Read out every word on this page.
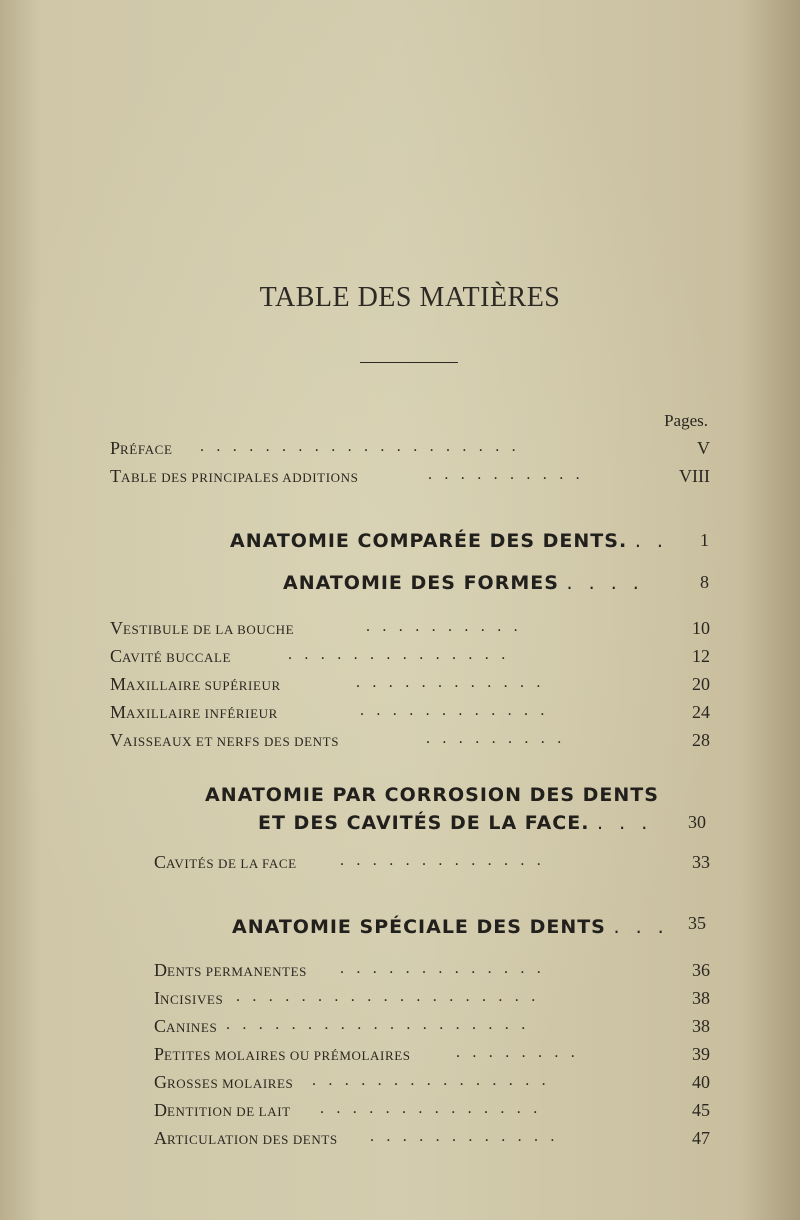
TABLE DES MATIÈRES
Pages.
PRÉFACE . . . . . . . . . . . . . . . . . . . .	V
TABLE DES PRINCIPALES ADDITIONS	. . . . . . . . . .	VIII
ANATOMIE COMPARÉE DES DENTS. . . 1
ANATOMIE DES FORMES . . . .	8
VESTIBULE DE LA BOUCHE	. . . . . . . . . .	10
CAVITÉ BUCCALE	. . . . . . . . . . . . . .	12
MAXILLAIRE SUPÉRIEUR	. . . . . . . . . . . .	20
MAXILLAIRE INFÉRIEUR	. . . . . . . . . . . .	24
VAISSEAUX ET NERFS DES DENTS	. . . . . . . . .	28
ANATOMIE PAR CORROSION DES DENTS
ET DES CAVITÉS DE LA FACE. . . . 30
CAVITÉS DE LA FACE	. . . . . . . . . . . . .	33
ANATOMIE SPÉCIALE DES DENTS . . . 35
DENTS PERMANENTES . . . . . . . . . . . . .	36
INCISIVES . . . . . . . . . . . . . . . . . . .	38
CANINES . . . . . . . . . . . . . . . . . . .	38
PETITES MOLAIRES OU PRÉMOLAIRES	. . . . . . . .	39
GROSSES MOLAIRES . . . . . . . . . . . . . . .	40
DENTITION DE LAIT . . . . . . . . . . . . . .	45
ARTICULATION DES DENTS . . . . . . . . . . . .	47
